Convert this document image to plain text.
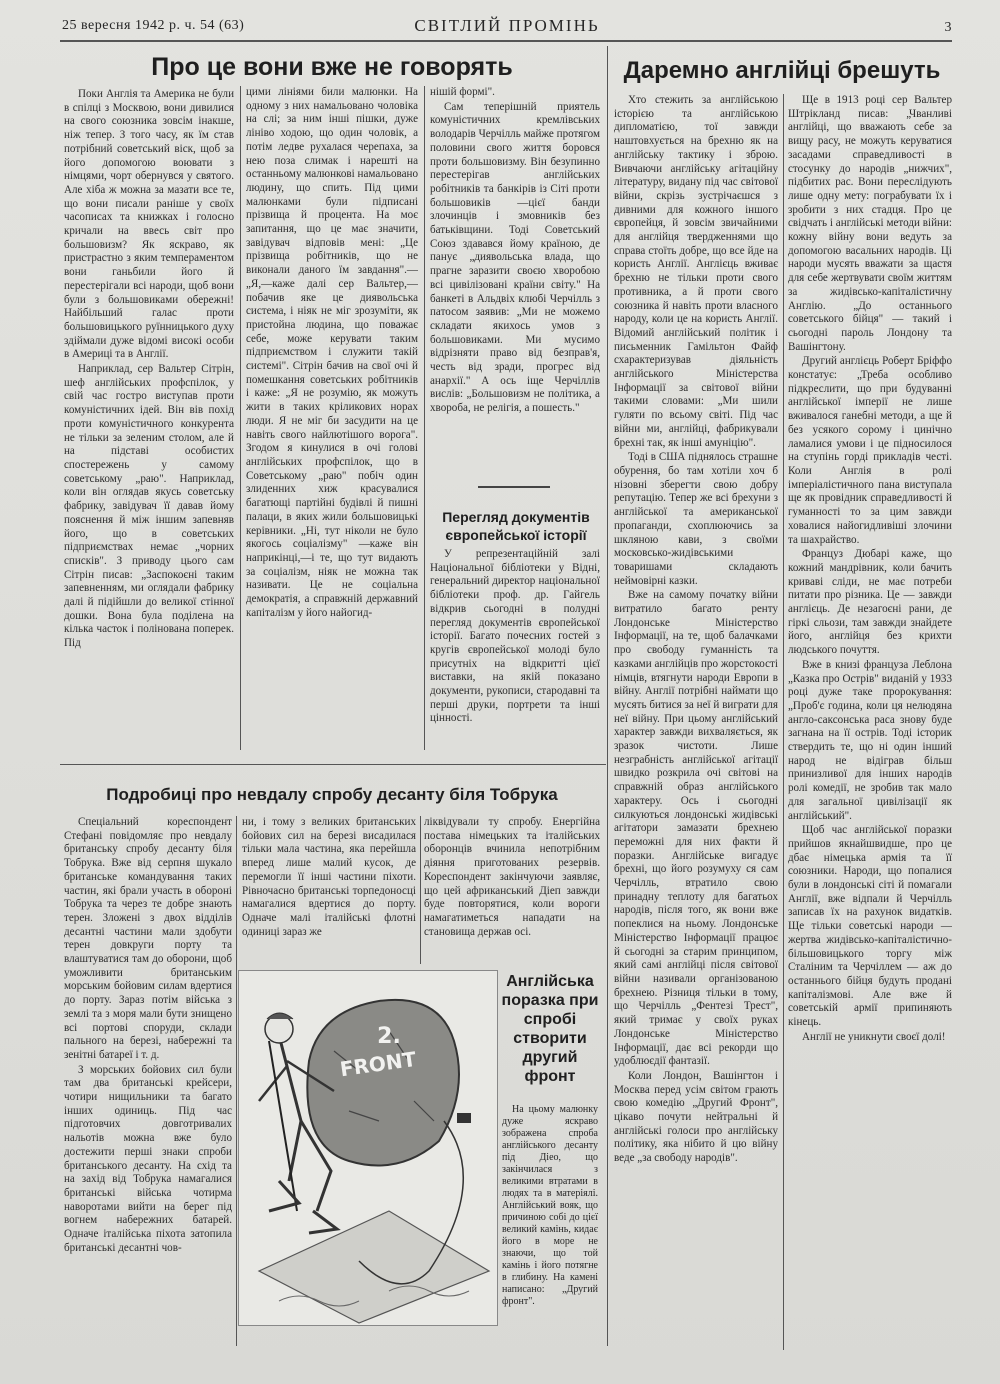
25 вересня 1942 р. ч. 54 (63)	СВІТЛИЙ ПРОМІНЬ	3
Про це вони вже не говорять

Поки Англія та Америка не були в спілці з Москвою, вони дивилися на свого союзника зовсім інакше, ніж тепер. З того часу, як їм став потрібний советський віск, щоб за його допомогою воювати з німцями, чорт обернувся у святого. Але хіба ж можна за мазати все те, що вони писали раніше у своїх часописах та книжках і голосно кричали на ввесь світ про большовизм? Як яскраво, як пристрастно з яким темпераментом вони ганьбили його й перестерігали всі народи, щоб вони були з большовиками обережні! Найбільший галас проти большовицького руїнницького духу здіймали дуже відомі високі особи в Америці та в Англії.

Наприклад, сер Вальтер Сітрін, шеф англійських профспілок, у свій час гостро виступав проти комуністичних ідей. Він вів похід проти комуністичного конкурента не тільки за зеленим столом, але й на підставі особистих спостережень у самому советському „раю". Наприклад, коли він оглядав якусь советську фабрику, завідувач її давав йому пояснення й між іншим запевняв його, що в советських підприємствах немає „чорних списків". З приводу цього сам Сітрін писав: „Заспокоєні таким запевненням, ми оглядали фабрику далі й підійшли до великої стінної дошки. Вона була поділена на кілька часток і полінована поперек. Під

цими лініями били малюнки. На одному з них намальовано чоловіка на слі; за ним інші пішки, дуже лініво ходою, що один чоловік, а потім ледве рухалася черепаха, за нею поза слимак і нарешті на останньому малюнкові намальовано людину, що спить. Під цими малюнками були підписані прізвища й процента. На моє запитання, що це має значити, завідувач відповів мені: „Це прізвища робітників, що не виконали даного їм завдання".— „Я,—каже далі сер Вальтер,—побачив яке це диявольська система, і ніяк не міг зрозуміти, як пристойна людина, що поважає себе, може керувати таким підприємством і служити такій системі". Сітрін бачив на свої очі й помешкання советських робітників і каже: „Я не розумію, як можуть жити в таких кріликових норах люди. Я не міг би засудити на це навіть свого найлютішого ворога". Згодом я кинулися в очі голові англійських профспілок, що в Советському „раю" побіч один злиденних хиж красувалися багатющі партійні будівлі й пишні палаци, в яких жили большовицькі керівники. „Ні, тут ніколи не було якогось соціалізму" —каже він наприкінці,—і те, що тут видають за соціалізм, ніяк не можна так називати. Це не соціальна демократія, а справжній державний капіталізм у його найогид-

нішій формі".

Сам теперішній приятель комуністичних кремлівських володарів Черчілль майже протягом половини свого життя боровся проти большовизму. Він безупинно перестерігав англійських робітників та банкірів із Сіті проти большовиків —цієї банди злочинців і змовників без батьківщини. Тоді Советський Союз здавався йому країною, де панує „диявольська влада, що прагне заразити своєю хворобою всі цивілізовані країни світу." На банкеті в Альдвіх клюбі Черчілль з патосом заявив: „Ми не можемо складати якихось умов з большовиками. Ми мусимо відрізняти право від безправ'я, честь від зради, прогрес від анархії." А ось іще Черчіллів вислів: „Большовизм не політика, а хвороба, не релігія, а пошесть."

Перегляд документів європейської історії

У репрезентаційній залі Національної бібліотеки у Відні, генеральний директор національної бібліотеки проф. др. Гайгель відкрив сьогодні в полудні перегляд документів європейської історії. Багато почесних гостей з кругів європейської молоді було присутніх на відкритті цієї виставки, на якій показано документи, рукописи, стародавні та перші друки, портрети та інші цінності.

Даремно англійці брешуть

Хто стежить за англійською історією та англійською дипломатією, тої завжди наштовхується на брехню як на англійську тактику і зброю. Вивчаючи англійську агітаційну літературу, видану під час світової війни, скрізь зустрічаєшся з дивними для кожного іншого європейця, й зовсім звичайними для англійця твердженнями що справа стоїть добре, що все йде на користь Англії. Англієць вживає брехню не тільки проти свого противника, а й проти свого союзника й навіть проти власного народу, коли це на користь Англії. Відомий англійський політик і письменник Гамільтон Файф схарактеризував діяльність англійського Міністерства Інформації за світової війни такими словами: „Ми шили гуляти по всьому світі. Під час війни ми, англійці, фабрикували брехні так, як інші амуніцію".

Тоді в США піднялось страшне обурення, бо там хотіли хоч б нізовні зберегти свою добру репутацію. Тепер же всі брехуни з англійської та американської пропаганди, схоплюючись за шкляною кави, з своїми московсько-жидівськими товаришами складають неймовірні казки.

Вже на самому початку війни витратило багато ренту Лондонське Міністерство Інформації, на те, щоб балачками про свободу гуманність та казками англійців про жорстокості німців, втягнути народи Европи в війну. Англії потрібні наймати що мусять битися за неї й виграти для неї війну. При цьому англійський характер завжди вихваляється, як зразок чистоти. Лише незграбність англійської агітації швидко розкрила очі світові на справжній образ англійського характеру. Ось і сьогодні силкуються лондонські жидівські агітатори замазати брехнею переможні для них факти й поразки. Англійське вигадує брехні, що його розумуху ся сам Черчілль, втратило свою принадну теплоту для багатьох народів, після того, як вони вже попеклися на ньому. Лондонське Міністерство Інформації працює й сьогодні за старим принципом, який самі англійці після світової війни називали організованою брехнею. Різниця тільки в тому, що Черчілль „Фентезі Трест", який тримає у своїх руках Лондонське Міністерство Інформації, дає всі рекорди що удоблюєдії фантазії.

Коли Лондон, Вашінгтон і Москва перед усім світом грають свою комедію „Другий Фронт", цікаво почути нейтральні й англійські голоси про англійську політику, яка нібито й цю війну веде „за свободу народів".

Ще в 1913 році сер Вальтер Штрікланд писав: „Чванливі англійці, що вважають себе за вищу расу, не можуть керуватися засадами справедливості в стосунку до народів „нижчих", підбитих рас. Вони переслідують лише одну мету: пограбувати їх і зробити з них стадця. Про це свідчать і англійські методи війни: кожну війну вони ведуть за допомогою васальних народів. Ці народи мусять вважати за щастя для себе жертвувати своїм життям за жидівсько-капіталістичну Англію. „До останнього советського бійця" — такий і сьогодні пароль Лондону та Вашінгтону.

Другий англієць Роберт Бріффо констатує: „Треба особливо підкреслити, що при будуванні англійської імперії не лише вживалося ганебні методи, а ще й без усякого сорому і цинічно ламалися умови і це підносилося на ступінь горді прикладів честі. Коли Англія в ролі імперіалістичного пана виступала ще як провідник справедливості й гуманності то за цим завжди ховалися найогидливіші злочини та шахрайство.

Француз Дюбарі каже, що кожний мандрівник, коли бачить криваві сліди, не має потреби питати про різника. Це — завжди англієць. Де незагоєні рани, де гіркі сльози, там завжди знайдете його, англійця без крихти людського почуття.

Вже в книзі француза Леблона „Казка про Острів" виданій у 1933 році дуже таке пророкування: „Проб'є година, коли ця нелюдяна англо-саксонська раса знову буде загнана на її острів. Тоді історик ствердить те, що ні один інший народ не відіграв більш принизливої для інших народів ролі комедії, не зробив так мало для загальної цивілізації як англійський".

Щоб час англійської поразки прийшов якнайшвидше, про це дбає німецька армія та її союзники. Народи, що попалися були в лондонські сіті й помагали Англії, вже відпали й Черчілль записав їх на рахунок видатків. Ще тільки советські народи — жертва жидівсько-капіталістично-більшовицького торгу між Сталіним та Черчіллем — аж до останнього бійця будуть продані капіталізмові. Але вже й советській армії припиняють кінець.

Англії не уникнути своєї долі!

Подробиці про невдалу спробу десанту біля Тобрука

Спеціальний кореспондент Стефані повідомляє про невдалу британську спробу десанту біля Тобрука. Вже від серпня шукало британське командування таких частин, які брали участь в обороні Тобрука та через те добре знають терен. Зложені з двох відділів десантні частини мали здобути терен довкруги порту та влаштуватися там до оборони, щоб уможливити британським морським бойовим силам вдертися до порту. Зараз потім війська з землі та з моря мали бути знищено всі портові споруди, склади пального на березі, набережні та зенітні батареї і т. д.

З морських бойових сил були там два британські крейсери, чотири нищильники та багато інших одиниць. Під час підготовчих довготривалих нальотів можна вже було достежити перші знаки спроби британського десанту. На схід та на захід від Тобрука намагалися британські війська чотирма наворотами вийти на берег під вогнем набережних батарей. Одначе італійська піхота затопила британські десантні чов-

ни, і тому з великих британських бойових сил на березі висадилася тільки мала частина, яка перейшла вперед лише малий кусок, де перемогли її інші частини піхоти. Рівночасно британські торпедоносці намагалися вдертися до порту. Одначе малі італійські флотні одиниці зараз же

ліквідували ту спробу. Енергійна постава німецьких та італійських оборонців вчинила непотрібним діяння приготованих резервів. Кореспондент закінчуючи заявляє, що цей африканський Діеп завжди буде повторятися, коли вороги намагатиметься нападати на становища держав осі.

2.
FRONT
Англійська поразка при спробі створити другий фронт

На цьому малюнку дуже яскраво зображена спроба англійського десанту під Діео, що закінчилася з великими втратами в людях та в матеріялі. Англійський вояк, що причиною собі до цієї великий камінь, кидає його в море не знаючи, що той камінь і його потягне в глибину. На камені написано: „Другий фронт".
